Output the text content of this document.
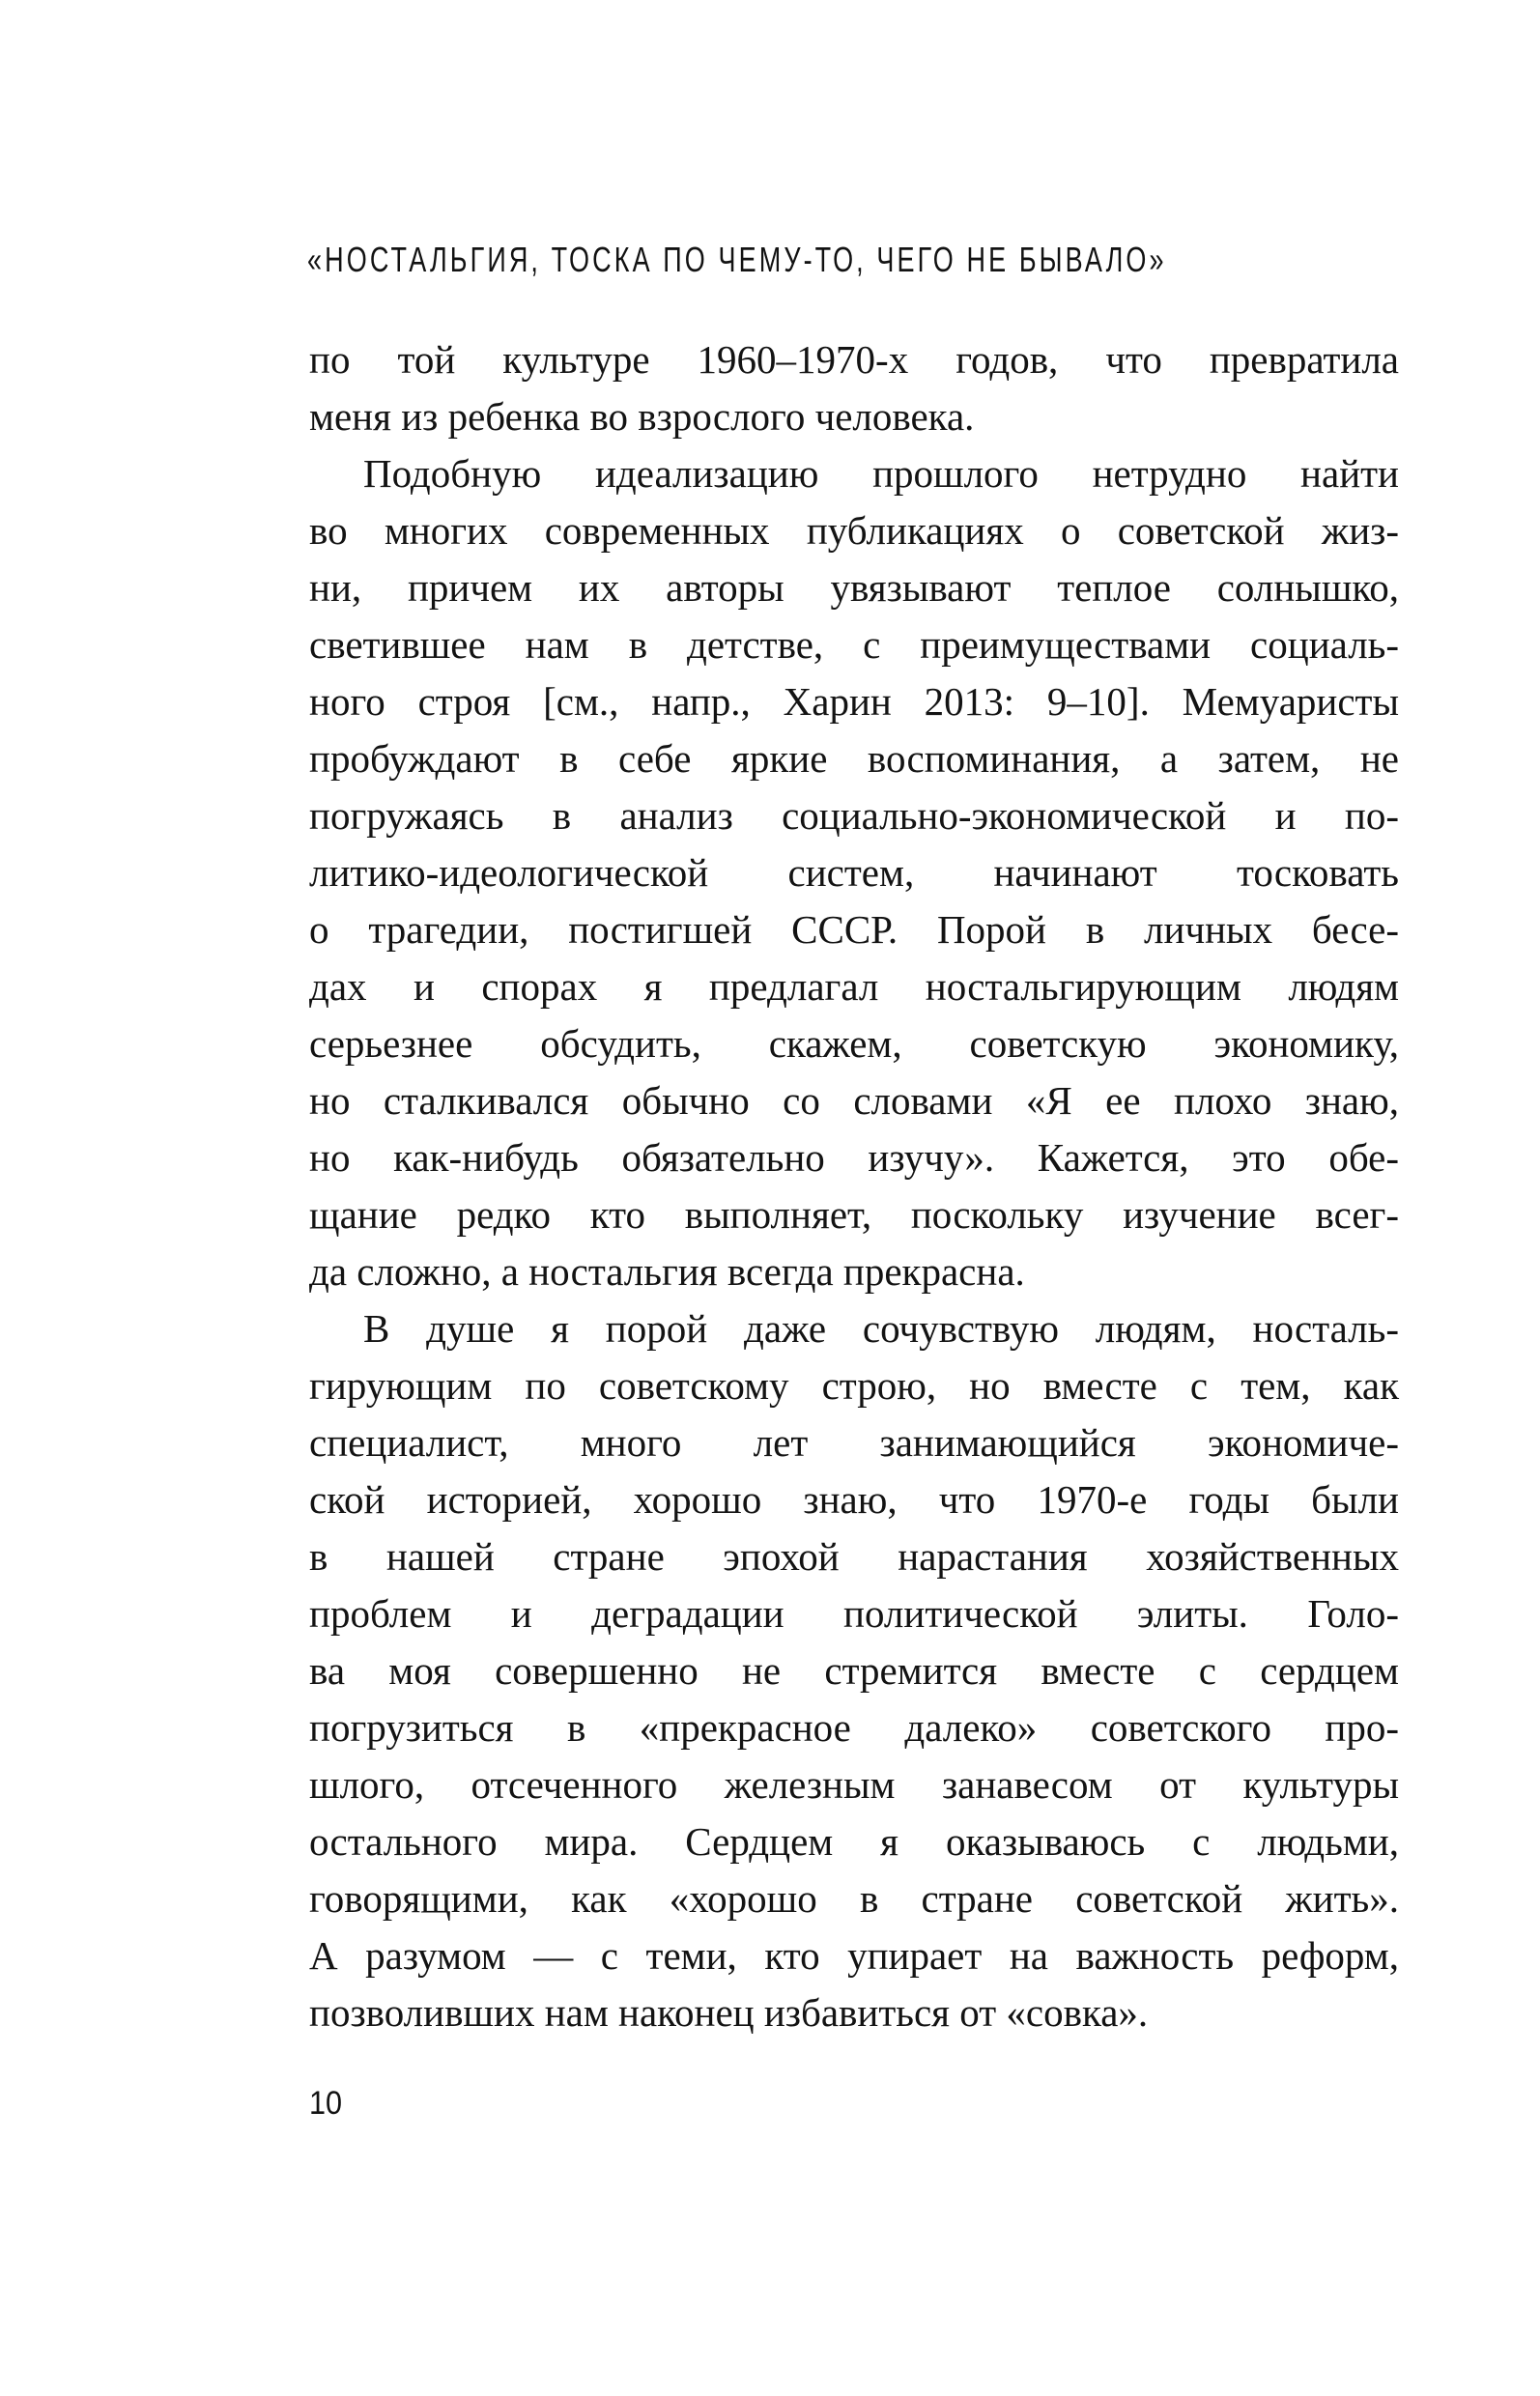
«НОСТАЛЬГИЯ, ТОСКА ПО ЧЕМУ-ТО, ЧЕГО НЕ БЫВАЛО»
по той культуре 1960–1970-х годов, что превратила
меня из ребенка во взрослого человека.
Подобную идеализацию прошлого нетрудно найти
во многих современных публикациях о советской жиз-
ни, причем их авторы увязывают теплое солнышко,
светившее нам в детстве, с преимуществами социаль-
ного строя [см., напр., Харин 2013: 9–10]. Мемуаристы
пробуждают в себе яркие воспоминания, а затем, не
погружаясь в анализ социально-экономической и по-
литико-идеологической систем, начинают тосковать
о трагедии, постигшей СССР. Порой в личных бесе-
дах и спорах я предлагал ностальгирующим людям
серьезнее обсудить, скажем, советскую экономику,
но сталкивался обычно со словами «Я ее плохо знаю,
но как-нибудь обязательно изучу». Кажется, это обе-
щание редко кто выполняет, поскольку изучение всег-
да сложно, а ностальгия всегда прекрасна.
В душе я порой даже сочувствую людям, носталь-
гирующим по советскому строю, но вместе с тем, как
специалист, много лет занимающийся экономиче-
ской историей, хорошо знаю, что 1970-е годы были
в нашей стране эпохой нарастания хозяйственных
проблем и деградации политической элиты. Голо-
ва моя совершенно не стремится вместе с сердцем
погрузиться в «прекрасное далеко» советского про-
шлого, отсеченного железным занавесом от культуры
остального мира. Сердцем я оказываюсь с людьми,
говорящими, как «хорошо в стране советской жить».
А разумом — с теми, кто упирает на важность реформ,
позволивших нам наконец избавиться от «совка».
10
